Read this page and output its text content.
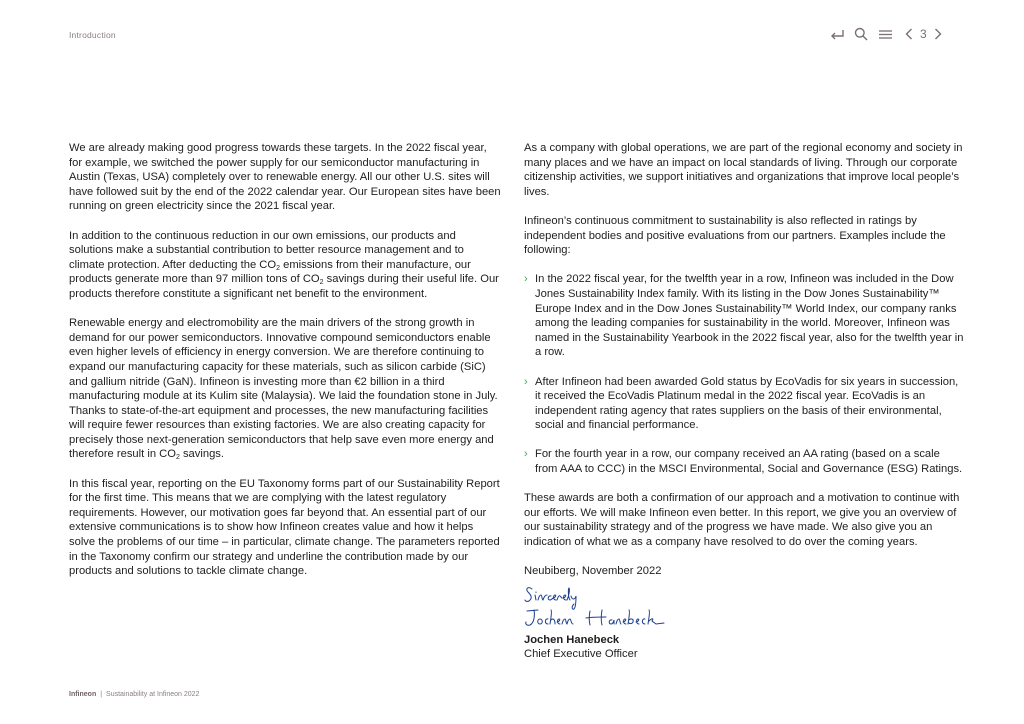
Introduction	3

We are already making good progress towards these targets. In the 2022 fiscal year, for example, we switched the power supply for our semiconductor manufacturing in Austin (Texas, USA) completely over to renewable energy. All our other U.S. sites will have followed suit by the end of the 2022 calendar year. Our European sites have been running on green electricity since the 2021 fiscal year.

In addition to the continuous reduction in our own emissions, our products and solutions make a substantial contribution to better resource management and to climate protection. After deducting the $CO_2$ emissions from their manufacture, our products generate more than 97 million tons of $CO_2$ savings during their useful life. Our products therefore constitute a significant net benefit to the environment.

Renewable energy and electromobility are the main drivers of the strong growth in demand for our power semiconductors. Innovative compound semiconductors enable even higher levels of efficiency in energy conversion. We are therefore continuing to expand our manufacturing capacity for these materials, such as silicon carbide (SiC) and gallium nitride (GaN). Infineon is investing more than €2 billion in a third manufacturing module at its Kulim site (Malaysia). We laid the foundation stone in July. Thanks to state-of-the-art equipment and processes, the new manufacturing facilities will require fewer resources than existing factories. We are also creating capacity for precisely those next-generation semiconductors that help save even more energy and therefore result in $CO_2$ savings.

In this fiscal year, reporting on the EU Taxonomy forms part of our Sustainability Report for the first time. This means that we are complying with the latest regulatory requirements. However, our motivation goes far beyond that. An essential part of our extensive communications is to show how Infineon creates value and how it helps solve the problems of our time – in particular, climate change. The parameters reported in the Taxonomy confirm our strategy and underline the contribution made by our products and solutions to tackle climate change.

As a company with global operations, we are part of the regional economy and society in many places and we have an impact on local standards of living. Through our corporate citizenship activities, we support initiatives and organizations that improve local people’s lives.

Infineon’s continuous commitment to sustainability is also reflected in ratings by independent bodies and positive evaluations from our partners. Examples include the following:

› In the 2022 fiscal year, for the twelfth year in a row, Infineon was included in the Dow Jones Sustainability Index family. With its listing in the Dow Jones Sustainability™ Europe Index and in the Dow Jones Sustainability™ World Index, our company ranks among the leading companies for sustainability in the world. Moreover, Infineon was named in the Sustainability Yearbook in the 2022 fiscal year, also for the twelfth year in a row.
› After Infineon had been awarded Gold status by EcoVadis for six years in succession, it received the EcoVadis Platinum medal in the 2022 fiscal year. EcoVadis is an independent rating agency that rates suppliers on the basis of their environmental, social and financial performance.
› For the fourth year in a row, our company received an AA rating (based on a scale from AAA to CCC) in the MSCI Environmental, Social and Governance (ESG) Ratings.

These awards are both a confirmation of our approach and a motivation to continue with our efforts. We will make Infineon even better. In this report, we give you an overview of our sustainability strategy and of the progress we have made. We also give you an indication of what we as a company have resolved to do over the coming years.

Neubiberg, November 2022
Jochen Hanebeck
Chief Executive Officer
Infineon | Sustainability at Infineon 2022
